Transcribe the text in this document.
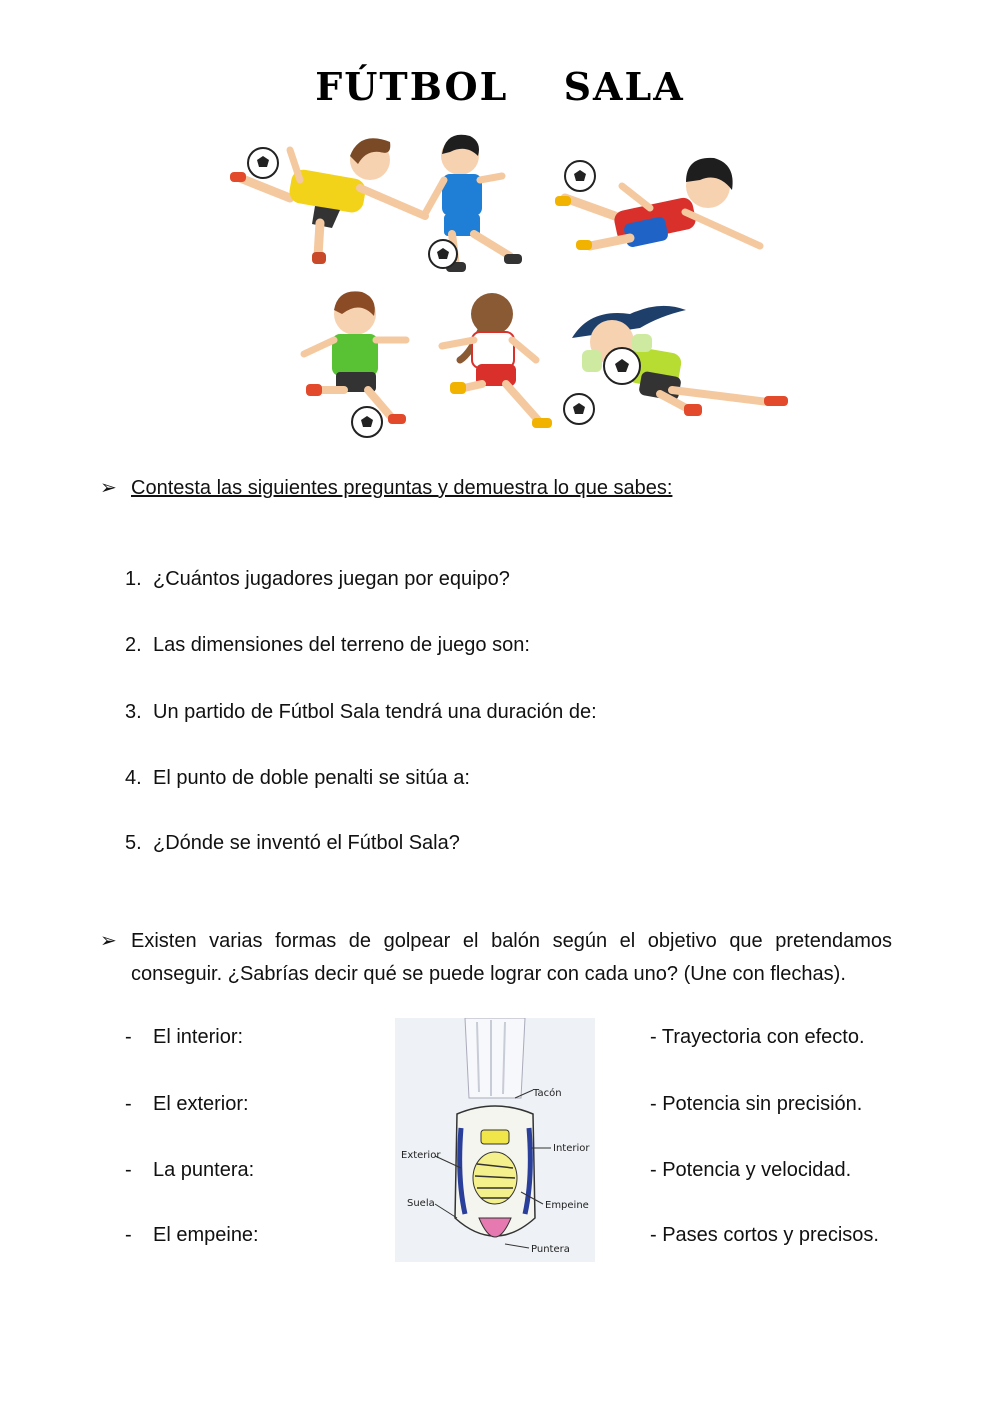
FÚTBOL SALA
➢ Contesta las siguientes preguntas y demuestra lo que sabes:
1. ¿Cuántos jugadores juegan por equipo?
2. Las dimensiones del terreno de juego son:
3. Un partido de Fútbol Sala tendrá una duración de:
4. El punto de doble penalti se sitúa a:
5. ¿Dónde se inventó el Fútbol Sala?
➢ Existen varias formas de golpear el balón según el objetivo que pretendamos conseguir. ¿Sabrías decir qué se puede lograr con cada uno? (Une con flechas).
- El interior:
- El exterior:
- La puntera:
- El empeine:
Tacón
Interior
Exterior
Suela	Empeine
Puntera
- Trayectoria con efecto.
- Potencia sin precisión.
- Potencia y velocidad.
- Pases cortos y precisos.
